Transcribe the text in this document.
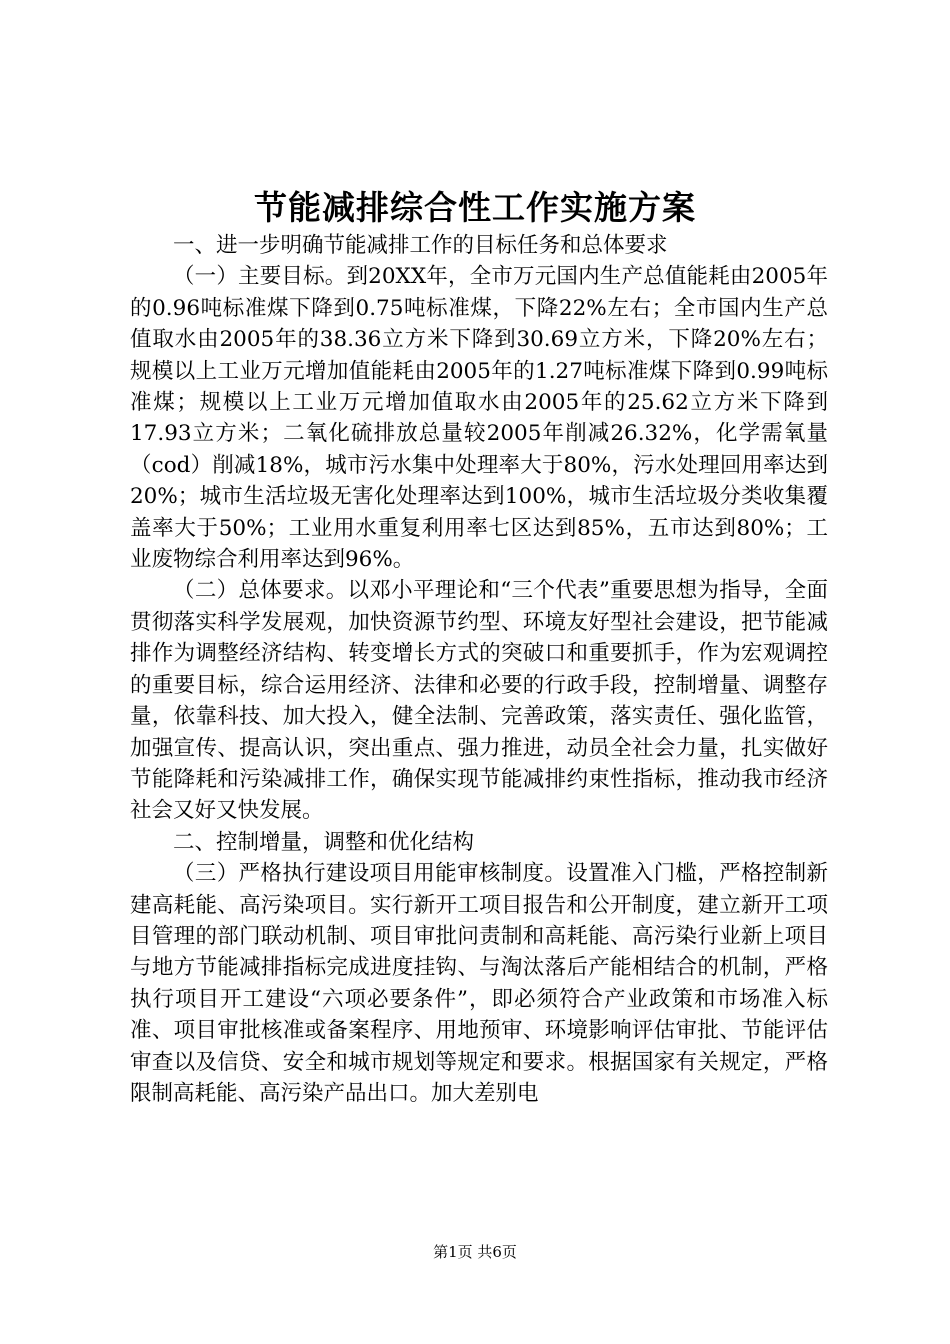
节能减排综合性工作实施方案

一、进一步明确节能减排工作的目标任务和总体要求

（一）主要目标。到20XX年，全市万元国内生产总值能耗由2005年的0.96吨标准煤下降到0.75吨标准煤，下降22%左右；全市国内生产总值取水由2005年的38.36立方米下降到30.69立方米，下降20%左右；规模以上工业万元增加值能耗由2005年的1.27吨标准煤下降到0.99吨标准煤；规模以上工业万元增加值取水由2005年的25.62立方米下降到17.93立方米；二氧化硫排放总量较2005年削减26.32%，化学需氧量（cod）削减18%，城市污水集中处理率大于80%，污水处理回用率达到20%；城市生活垃圾无害化处理率达到100%，城市生活垃圾分类收集覆盖率大于50%；工业用水重复利用率七区达到85%，五市达到80%；工业废物综合利用率达到96%。

（二）总体要求。以邓小平理论和“三个代表”重要思想为指导，全面贯彻落实科学发展观，加快资源节约型、环境友好型社会建设，把节能减排作为调整经济结构、转变增长方式的突破口和重要抓手，作为宏观调控的重要目标，综合运用经济、法律和必要的行政手段，控制增量、调整存量，依靠科技、加大投入，健全法制、完善政策，落实责任、强化监管，加强宣传、提高认识，突出重点、强力推进，动员全社会力量，扎实做好节能降耗和污染减排工作，确保实现节能减排约束性指标，推动我市经济社会又好又快发展。

二、控制增量，调整和优化结构

（三）严格执行建设项目用能审核制度。设置准入门槛，严格控制新建高耗能、高污染项目。实行新开工项目报告和公开制度，建立新开工项目管理的部门联动机制、项目审批问责制和高耗能、高污染行业新上项目与地方节能减排指标完成进度挂钩、与淘汰落后产能相结合的机制，严格执行项目开工建设“六项必要条件”，即必须符合产业政策和市场准入标准、项目审批核准或备案程序、用地预审、环境影响评估审批、节能评估审查以及信贷、安全和城市规划等规定和要求。根据国家有关规定，严格限制高耗能、高污染产品出口。加大差别电

第1页 共6页
